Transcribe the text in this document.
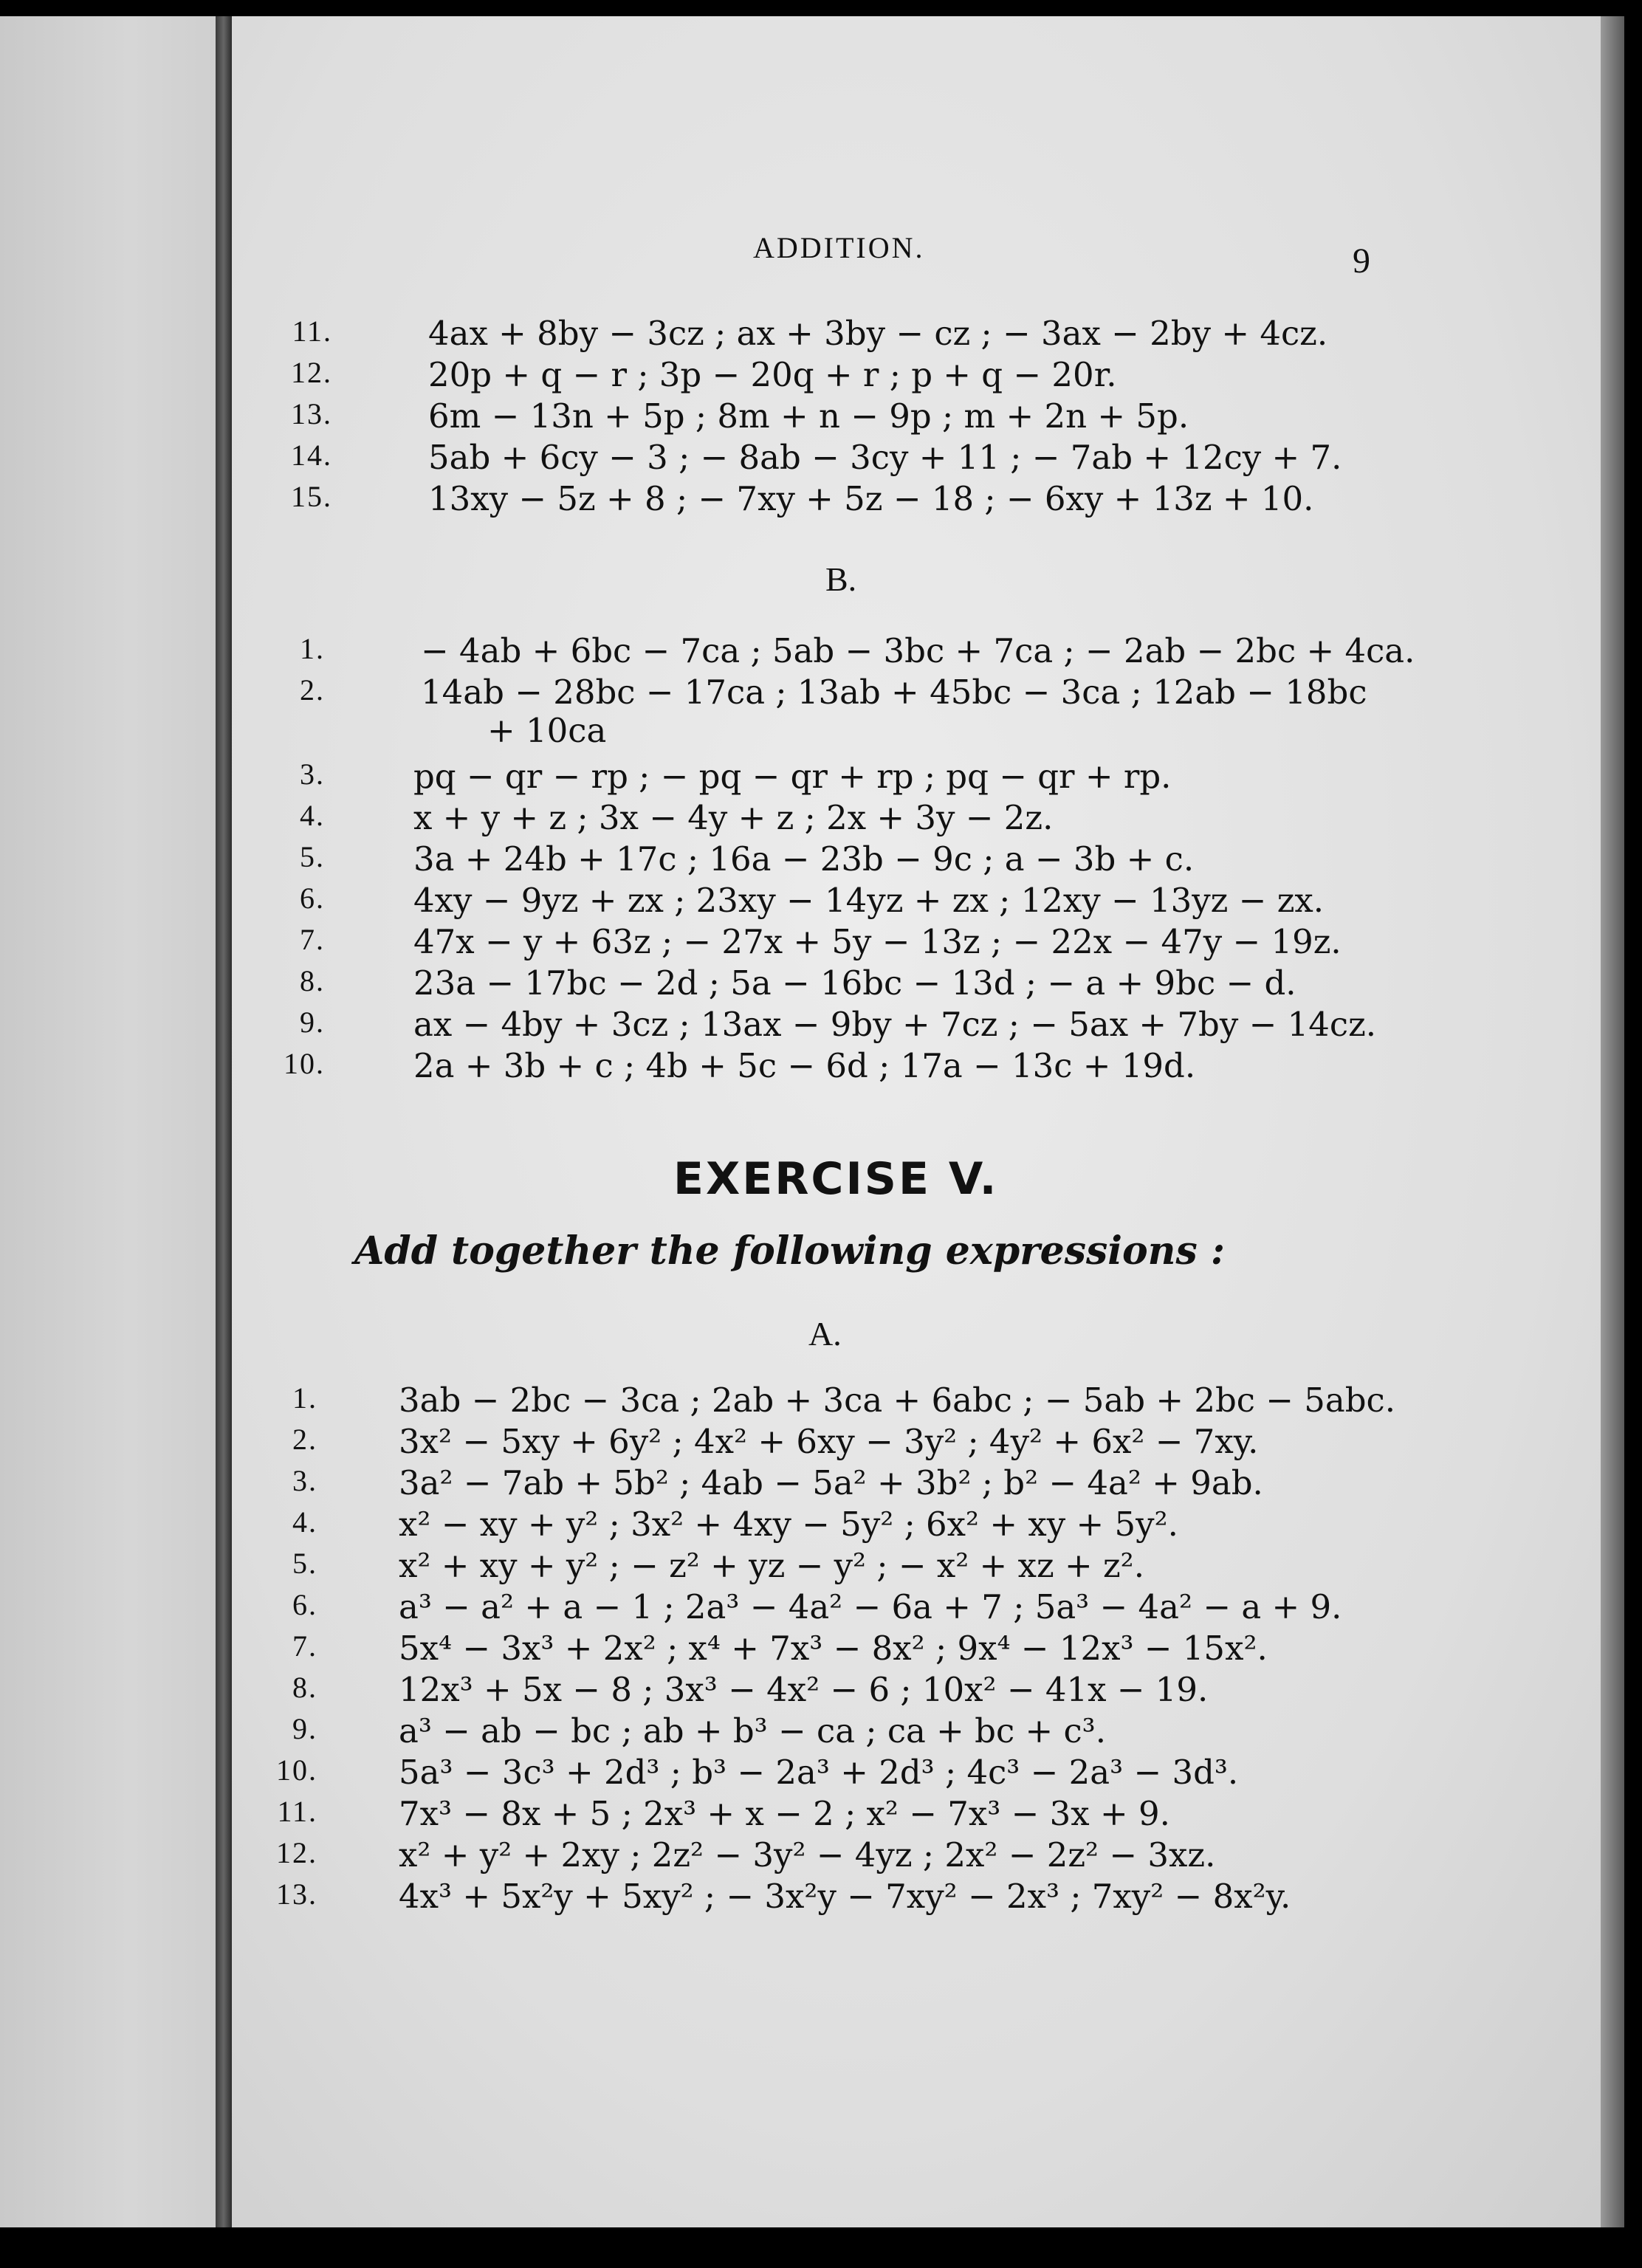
ADDITION.	9
11.	4ax + 8by − 3cz ; ax + 3by − cz ; − 3ax − 2by + 4cz.
12.	20p + q − r ; 3p − 20q + r ; p + q − 20r.
13.	6m − 13n + 5p ; 8m + n − 9p ; m + 2n + 5p.
14.	5ab + 6cy − 3 ; − 8ab − 3cy + 11 ; − 7ab + 12cy + 7.
15.	13xy − 5z + 8 ; − 7xy + 5z − 18 ; − 6xy + 13z + 10.
B.
1.	− 4ab + 6bc − 7ca ; 5ab − 3bc + 7ca ; − 2ab − 2bc + 4ca.
2.	14ab − 28bc − 17ca ; 13ab + 45bc − 3ca ; 12ab − 18bc
+ 10ca
3.	pq − qr − rp ; − pq − qr + rp ; pq − qr + rp.
4.	x + y + z ; 3x − 4y + z ; 2x + 3y − 2z.
5.	3a + 24b + 17c ; 16a − 23b − 9c ; a − 3b + c.
6.	4xy − 9yz + zx ; 23xy − 14yz + zx ; 12xy − 13yz − zx.
7.	47x − y + 63z ; − 27x + 5y − 13z ; − 22x − 47y − 19z.
8.	23a − 17bc − 2d ; 5a − 16bc − 13d ; − a + 9bc − d.
9.	ax − 4by + 3cz ; 13ax − 9by + 7cz ; − 5ax + 7by − 14cz.
10.	2a + 3b + c ; 4b + 5c − 6d ; 17a − 13c + 19d.
EXERCISE V.
Add together the following expressions :
A.
1. 3ab − 2bc − 3ca ; 2ab + 3ca + 6abc ; − 5ab + 2bc − 5abc.
2. 3x² − 5xy + 6y² ; 4x² + 6xy − 3y² ; 4y² + 6x² − 7xy.
3. 3a² − 7ab + 5b² ; 4ab − 5a² + 3b² ; b² − 4a² + 9ab.
4. x² − xy + y² ; 3x² + 4xy − 5y² ; 6x² + xy + 5y².
5. x² + xy + y² ; − z² + yz − y² ; − x² + xz + z².
6. a³ − a² + a − 1 ; 2a³ − 4a² − 6a + 7 ; 5a³ − 4a² − a + 9.
7. 5x⁴ − 3x³ + 2x² ; x⁴ + 7x³ − 8x² ; 9x⁴ − 12x³ − 15x².
8. 12x³ + 5x − 8 ; 3x³ − 4x² − 6 ; 10x² − 41x − 19.
9. a³ − ab − bc ; ab + b³ − ca ; ca + bc + c³.
10. 5a³ − 3c³ + 2d³ ; b³ − 2a³ + 2d³ ; 4c³ − 2a³ − 3d³.
11. 7x³ − 8x + 5 ; 2x³ + x − 2 ; x² − 7x³ − 3x + 9.
12. x² + y² + 2xy ; 2z² − 3y² − 4yz ; 2x² − 2z² − 3xz.
13. 4x³ + 5x²y + 5xy² ; − 3x²y − 7xy² − 2x³ ; 7xy² − 8x²y.
